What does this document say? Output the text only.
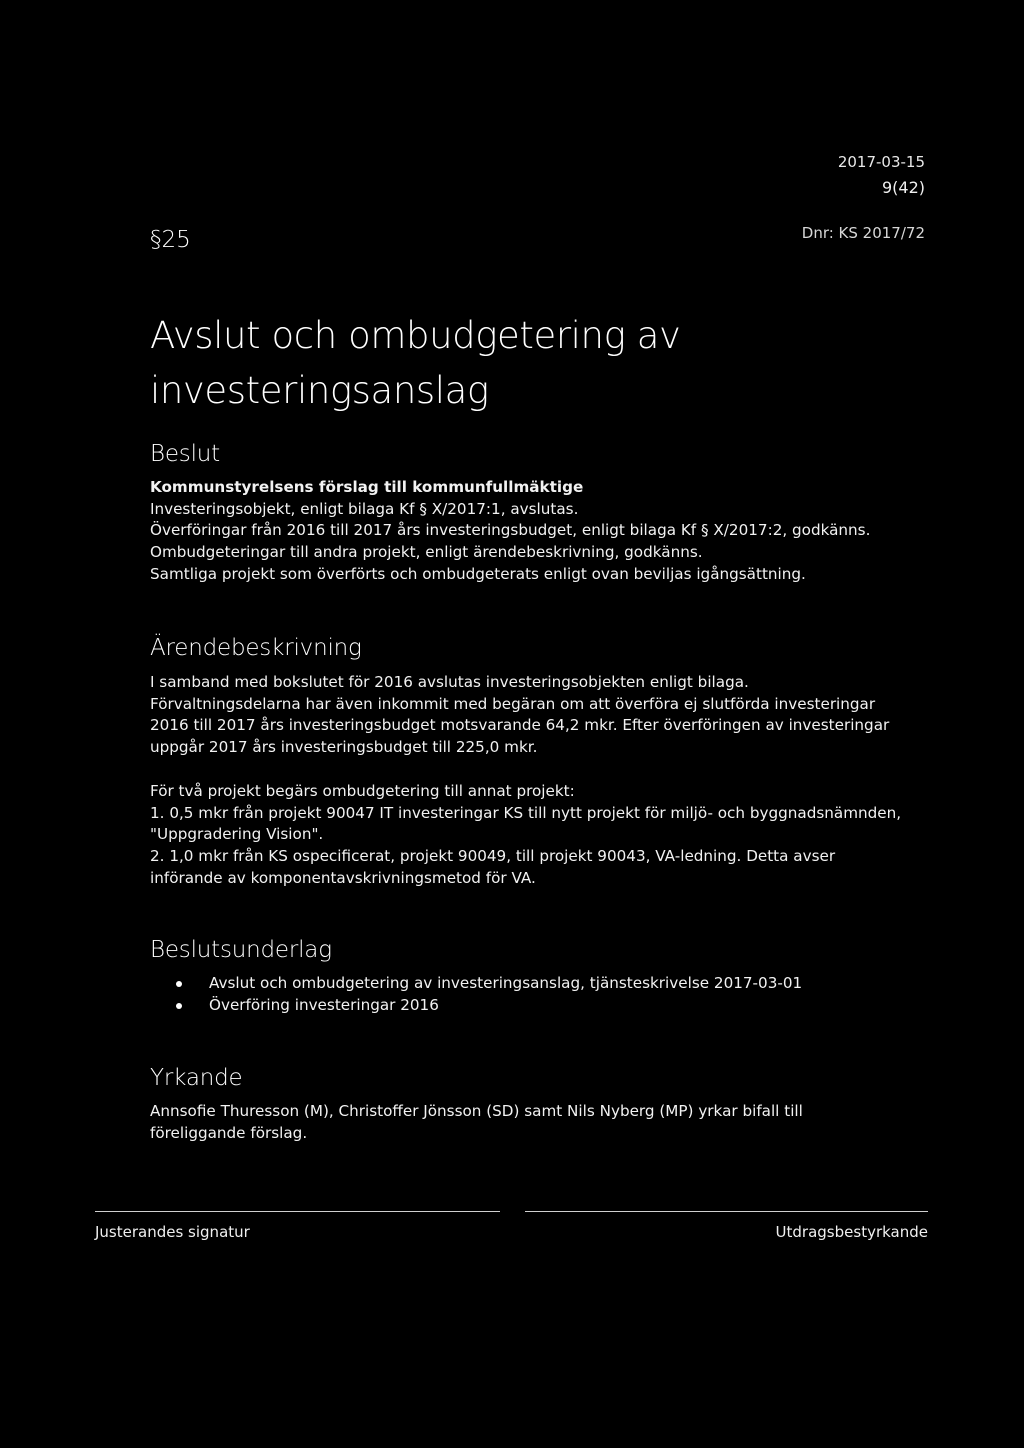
2017-03-15
9(42)
§25	Dnr: KS 2017/72
Avslut och ombudgetering av
investeringsanslag
Beslut
Kommunstyrelsens förslag till kommunfullmäktige
Investeringsobjekt, enligt bilaga Kf § X/2017:1, avslutas.
Överföringar från 2016 till 2017 års investeringsbudget, enligt bilaga Kf § X/2017:2, godkänns.
Ombudgeteringar till andra projekt, enligt ärendebeskrivning, godkänns.
Samtliga projekt som överförts och ombudgeterats enligt ovan beviljas igångsättning.
Ärendebeskrivning
I samband med bokslutet för 2016 avslutas investeringsobjekten enligt bilaga.
Förvaltningsdelarna har även inkommit med begäran om att överföra ej slutförda investeringar
2016 till 2017 års investeringsbudget motsvarande 64,2 mkr. Efter överföringen av investeringar
uppgår 2017 års investeringsbudget till 225,0 mkr.
För två projekt begärs ombudgetering till annat projekt:
1. 0,5 mkr från projekt 90047 IT investeringar KS till nytt projekt för miljö- och byggnadsnämnden,
"Uppgradering Vision".
2. 1,0 mkr från KS ospecificerat, projekt 90049, till projekt 90043, VA-ledning. Detta avser
införande av komponentavskrivningsmetod för VA.
Beslutsunderlag
Avslut och ombudgetering av investeringsanslag, tjänsteskrivelse 2017-03-01
Överföring investeringar 2016
Yrkande
Annsofie Thuresson (M), Christoffer Jönsson (SD) samt Nils Nyberg (MP) yrkar bifall till
föreliggande förslag.
Justerandes signatur	Utdragsbestyrkande
